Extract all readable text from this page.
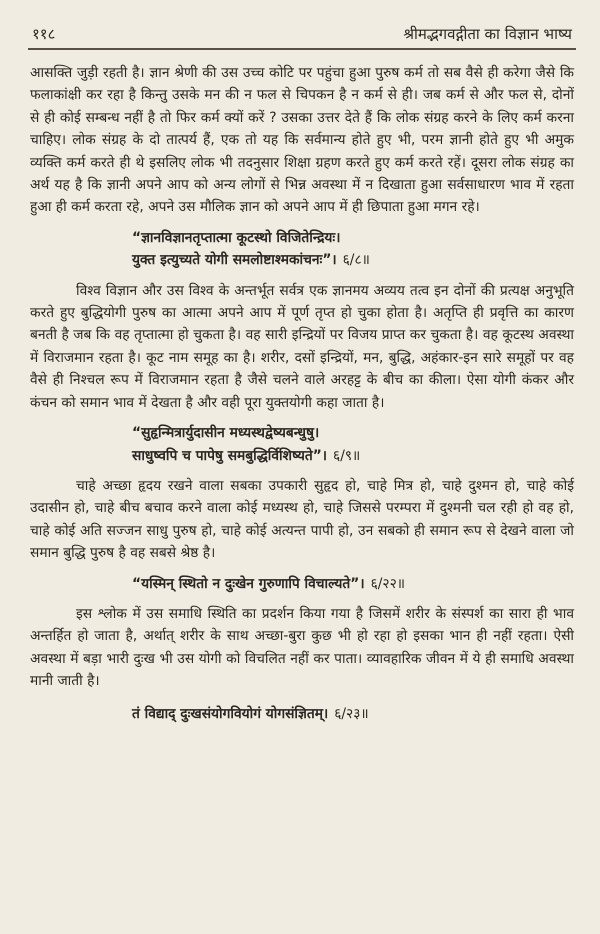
११८	श्रीमद्भगवद्गीता का विज्ञान भाष्य

आसक्ति जुड़ी रहती है। ज्ञान श्रेणी की उस उच्च कोटि पर पहुंचा हुआ पुरुष कर्म तो सब वैसे ही करेगा जैसे कि फलाकांक्षी कर रहा है किन्तु उसके मन की न फल से चिपकन है न कर्म से ही। जब कर्म से और फल से, दोनों से ही कोई सम्बन्ध नहीं है तो फिर कर्म क्यों करें ? उसका उत्तर देते हैं कि लोक संग्रह करने के लिए कर्म करना चाहिए। लोक संग्रह के दो तात्पर्य हैं, एक तो यह कि सर्वमान्य होते हुए भी, परम ज्ञानी होते हुए भी अमुक व्यक्ति कर्म करते ही थे इसलिए लोक भी तदनुसार शिक्षा ग्रहण करते हुए कर्म करते रहें। दूसरा लोक संग्रह का अर्थ यह है कि ज्ञानी अपने आप को अन्य लोगों से भिन्न अवस्था में न दिखाता हुआ सर्वसाधारण भाव में रहता हुआ ही कर्म करता रहे, अपने उस मौलिक ज्ञान को अपने आप में ही छिपाता हुआ मगन रहे।

“ज्ञानविज्ञानतृप्तात्मा कूटस्थो विजितेन्द्रियः।
युक्त इत्युच्यते योगी समलोष्टाश्मकांचनः”। ६/८॥

विश्व विज्ञान और उस विश्व के अन्तर्भूत सर्वत्र एक ज्ञानमय अव्यय तत्व इन दोनों की प्रत्यक्ष अनुभूति करते हुए बुद्धियोगी पुरुष का आत्मा अपने आप में पूर्ण तृप्त हो चुका होता है। अतृप्ति ही प्रवृत्ति का कारण बनती है जब कि वह तृप्तात्मा हो चुकता है। वह सारी इन्द्रियों पर विजय प्राप्त कर चुकता है। वह कूटस्थ अवस्था में विराजमान रहता है। कूट नाम समूह का है। शरीर, दसों इन्द्रियों, मन, बुद्धि, अहंकार-इन सारे समूहों पर वह वैसे ही निश्चल रूप में विराजमान रहता है जैसे चलने वाले अरहट्ट के बीच का कीला। ऐसा योगी कंकर और कंचन को समान भाव में देखता है और वही पूरा युक्तयोगी कहा जाता है।

“सुहृन्मित्रार्युदासीन मध्यस्थद्वेष्यबन्धुषु।
साधुष्वपि च पापेषु समबुद्धिर्विशिष्यते”। ६/९॥

चाहे अच्छा हृदय रखने वाला सबका उपकारी सुहृद हो, चाहे मित्र हो, चाहे दुश्मन हो, चाहे कोई उदासीन हो, चाहे बीच बचाव करने वाला कोई मध्यस्थ हो, चाहे जिससे परम्परा में दुश्मनी चल रही हो वह हो, चाहे कोई अति सज्जन साधु पुरुष हो, चाहे कोई अत्यन्त पापी हो, उन सबको ही समान रूप से देखने वाला जो समान बुद्धि पुरुष है वह सबसे श्रेष्ठ है।

“यस्मिन् स्थितो न दुःखेन गुरुणापि विचाल्यते”। ६/२२॥

इस श्लोक में उस समाधि स्थिति का प्रदर्शन किया गया है जिसमें शरीर के संस्पर्श का सारा ही भाव अन्तर्हित हो जाता है, अर्थात् शरीर के साथ अच्छा-बुरा कुछ भी हो रहा हो इसका भान ही नहीं रहता। ऐसी अवस्था में बड़ा भारी दुःख भी उस योगी को विचलित नहीं कर पाता। व्यावहारिक जीवन में ये ही समाधि अवस्था मानी जाती है।

तं विद्याद् दुःखसंयोगवियोगं योगसंज्ञितम्। ६/२३॥
